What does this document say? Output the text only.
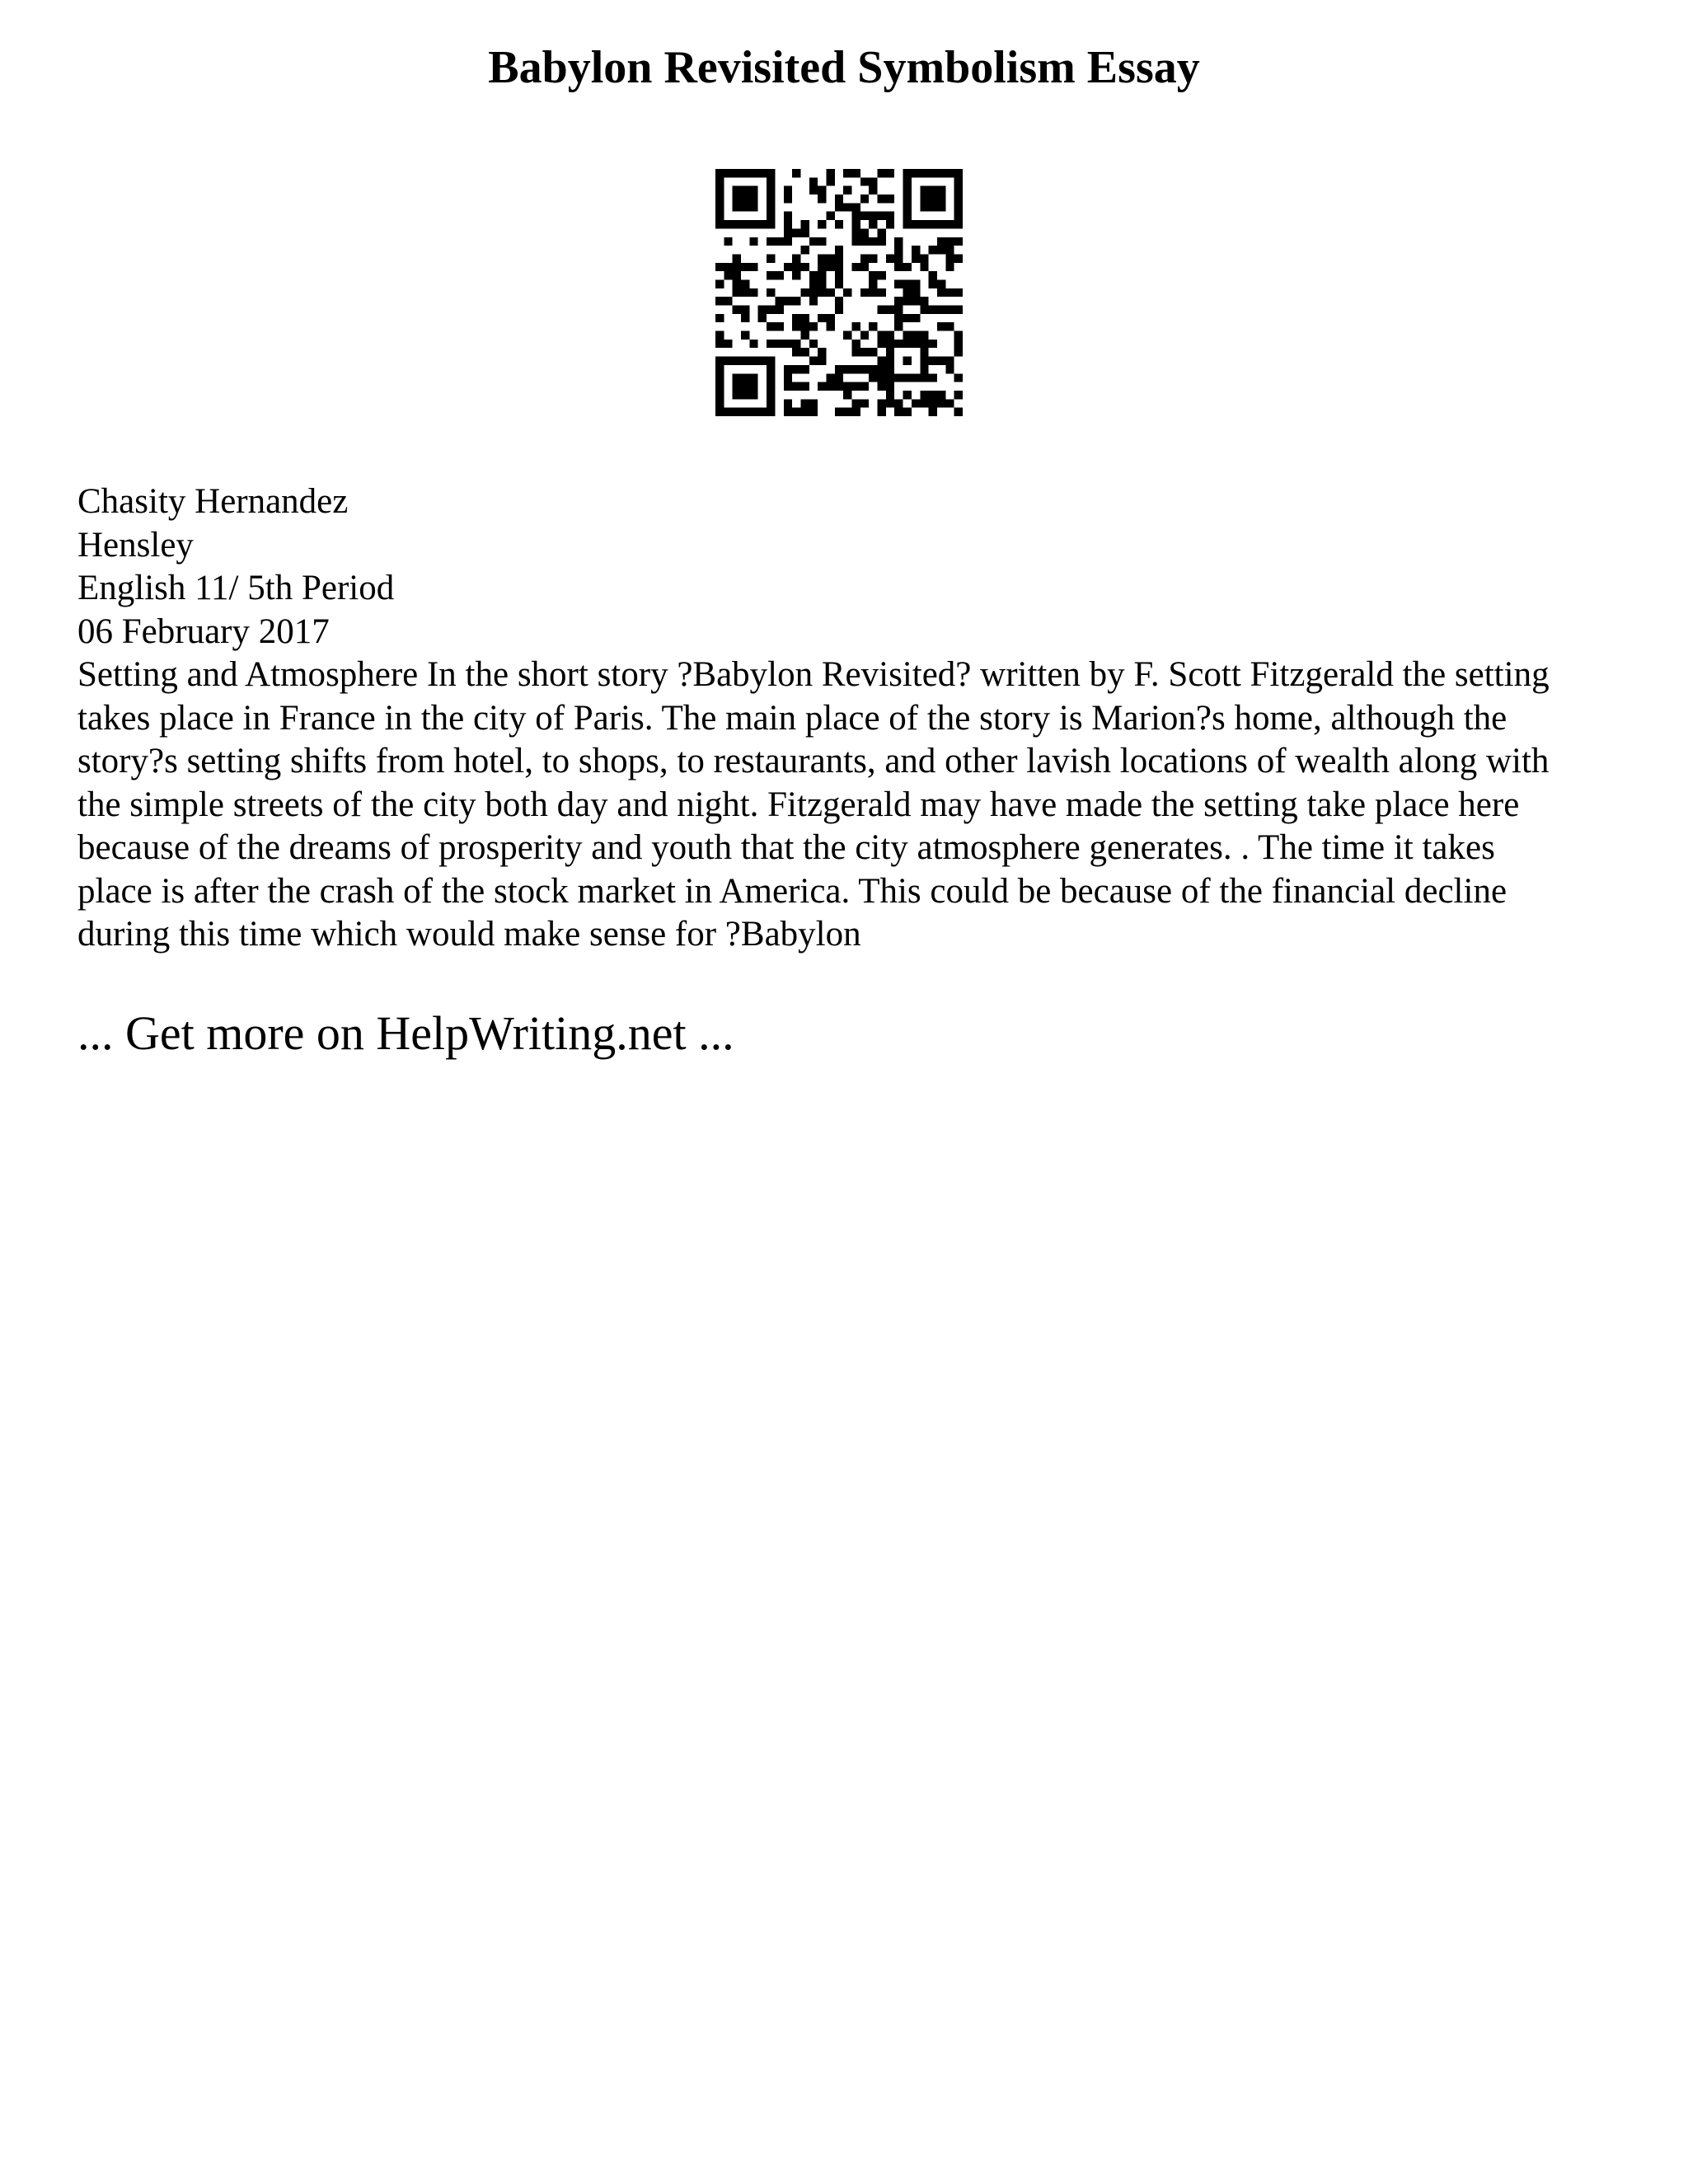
Babylon Revisited Symbolism Essay
Chasity Hernandez
Hensley
English 11/ 5th Period
06 February 2017

Setting and Atmosphere In the short story ?Babylon Revisited? written by F. Scott Fitzgerald the setting takes place in France in the city of Paris. The main place of the story is Marion?s home, although the story?s setting shifts from hotel, to shops, to restaurants, and other lavish locations of wealth along with the simple streets of the city both day and night. Fitzgerald may have made the setting take place here because of the dreams of prosperity and youth that the city atmosphere generates. . The time it takes place is after the crash of the stock market in America. This could be because of the financial decline during this time which would make sense for ?Babylon

... Get more on HelpWriting.net ...
